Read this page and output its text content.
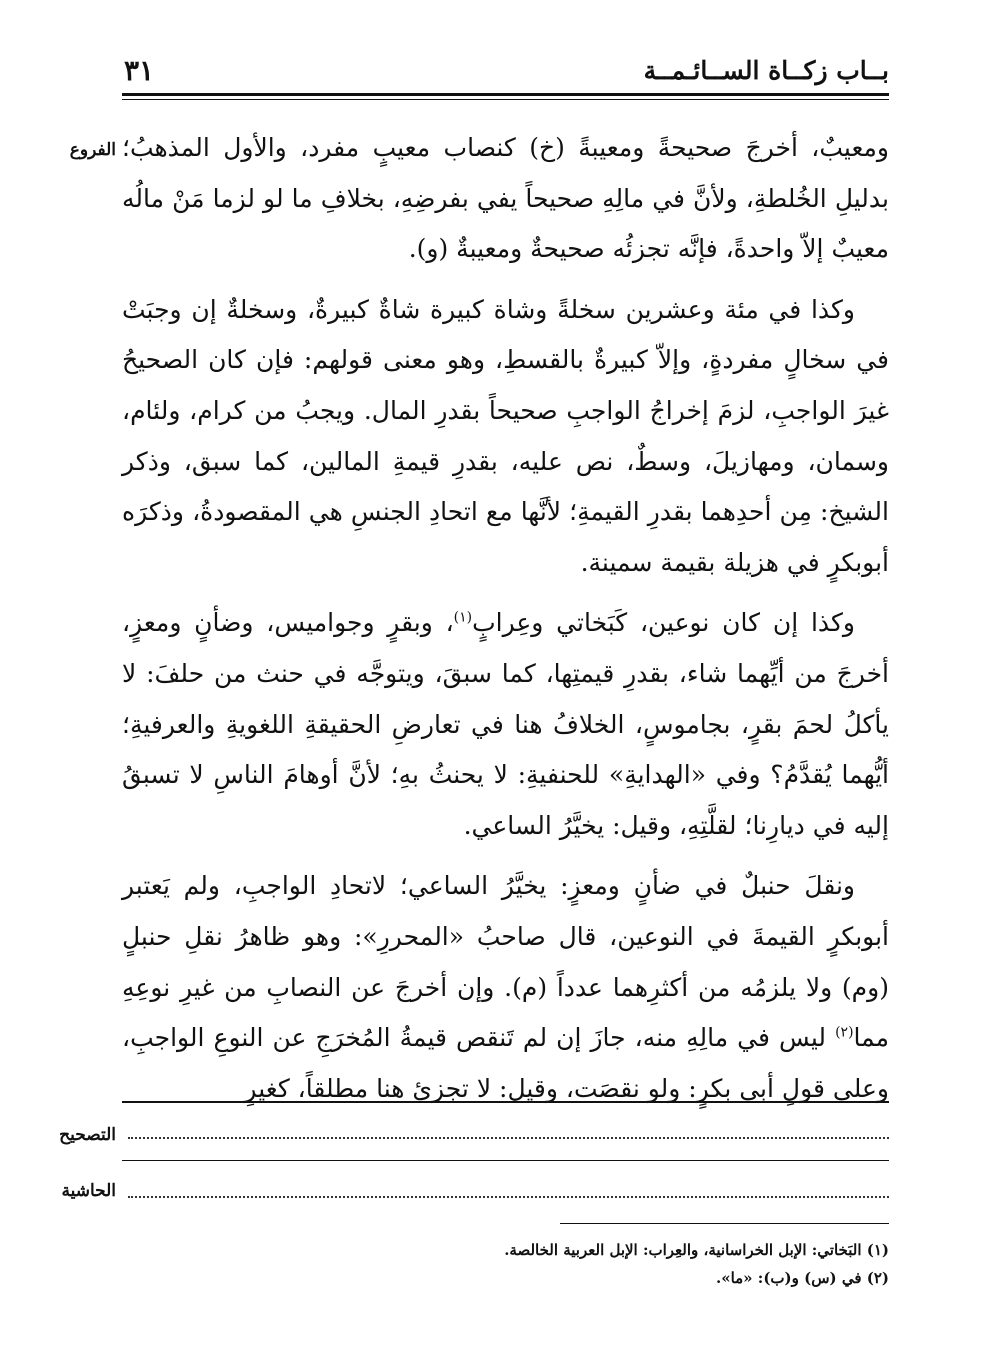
بــاب زكــاة الســائـمــة
٣١
الفروع ومعيبٌ، أخرجَ صحيحةً ومعيبةً (خ) كنصاب معيبٍ مفرد، والأول المذهبُ؛ بدليلِ الخُلطةِ، ولأنَّ في مالِهِ صحيحاً يفي بفرضِهِ، بخلافِ ما لو لزما مَنْ مالُه معيبٌ إلاّ واحدةً، فإنَّه تجزئُه صحيحةٌ ومعيبةٌ (و).

وكذا في مئة وعشرين سخلةً وشاة كبيرة شاةٌ كبيرةٌ، وسخلةٌ إن وجبَتْ في سخالٍ مفردةٍ، وإلاّ كبيرةٌ بالقسطِ، وهو معنى قولهم: فإن كان الصحيحُ غيرَ الواجبِ، لزمَ إخراجُ الواجبِ صحيحاً بقدرِ المال. ويجبُ من كرام، ولئام، وسمان، ومهازيلَ، وسطٌ، نص عليه، بقدرِ قيمةِ المالين، كما سبق، وذكر الشيخ: مِن أحدِهما بقدرِ القيمةِ؛ لأنَّها مع اتحادِ الجنسِ هي المقصودةُ، وذكرَه أبوبكرٍ في هزيلة بقيمة سمينة.

وكذا إن كان نوعين، كَبَخاتي وعِرابٍ$^{(١)}$، وبقرٍ وجواميس، وضأنٍ ومعزٍ، أخرجَ من أيِّهما شاء، بقدرِ قيمتِها، كما سبقَ، ويتوجَّه في حنث من حلفَ: لا يأكلُ لحمَ بقرٍ، بجاموسٍ، الخلافُ هنا في تعارضِ الحقيقةِ اللغويةِ والعرفيةِ؛ أيُّهما يُقدَّمُ؟ وفي «الهدايةِ» للحنفيةِ: لا يحنثُ بهِ؛ لأنَّ أوهامَ الناسِ لا تسبقُ إليه في ديارِنا؛ لقلَّتِهِ، وقيل: يخيَّرُ الساعي.

ونقلَ حنبلٌ في ضأنٍ ومعزٍ: يخيَّرُ الساعي؛ لاتحادِ الواجبِ، ولم يَعتبر أبوبكرٍ القيمةَ في النوعين، قال صاحبُ «المحررِ»: وهو ظاهرُ نقلِ حنبلٍ (وم) ولا يلزمُه من أكثرِهما عدداً (م). وإن أخرجَ عن النصابِ من غيرِ نوعِهِ مما$^{(٢)}$ ليس في مالِهِ منه، جازَ إن لم تَنقص قيمةُ المُخرَجِ عن النوعِ الواجبِ، وعلى قولِ أبي بكرٍ: ولو نقصَت، وقيل: لا تجزئ هنا مطلقاً، كغيرِ

التصحيح
الحاشية
(١) البَخاتي: الإبل الخراسانية، والعِراب: الإبل العربية الخالصة.
(٢) في (س) و(ب): «ما».
